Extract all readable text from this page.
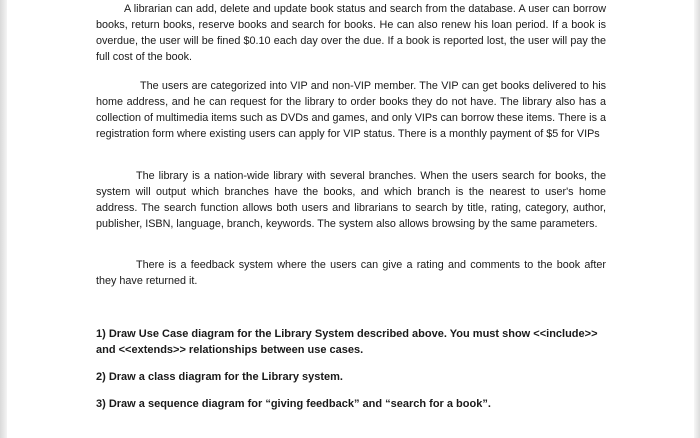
A librarian can add, delete and update book status and search from the database. A user can borrow books, return books, reserve books and search for books. He can also renew his loan period. If a book is overdue, the user will be fined $0.10 each day over the due. If a book is reported lost, the user will pay the full cost of the book.

The users are categorized into VIP and non-VIP member. The VIP can get books delivered to his home address, and he can request for the library to order books they do not have. The library also has a collection of multimedia items such as DVDs and games, and only VIPs can borrow these items. There is a registration form where existing users can apply for VIP status. There is a monthly payment of $5 for VIPs

The library is a nation-wide library with several branches. When the users search for books, the system will output which branches have the books, and which branch is the nearest to user's home address. The search function allows both users and librarians to search by title, rating, category, author, publisher, ISBN, language, branch, keywords. The system also allows browsing by the same parameters.

There is a feedback system where the users can give a rating and comments to the book after they have returned it.

1) Draw Use Case diagram for the Library System described above. You must show <<include>> and <<extends>> relationships between use cases.

2) Draw a class diagram for the Library system.

3) Draw a sequence diagram for “giving feedback” and “search for a book”.
